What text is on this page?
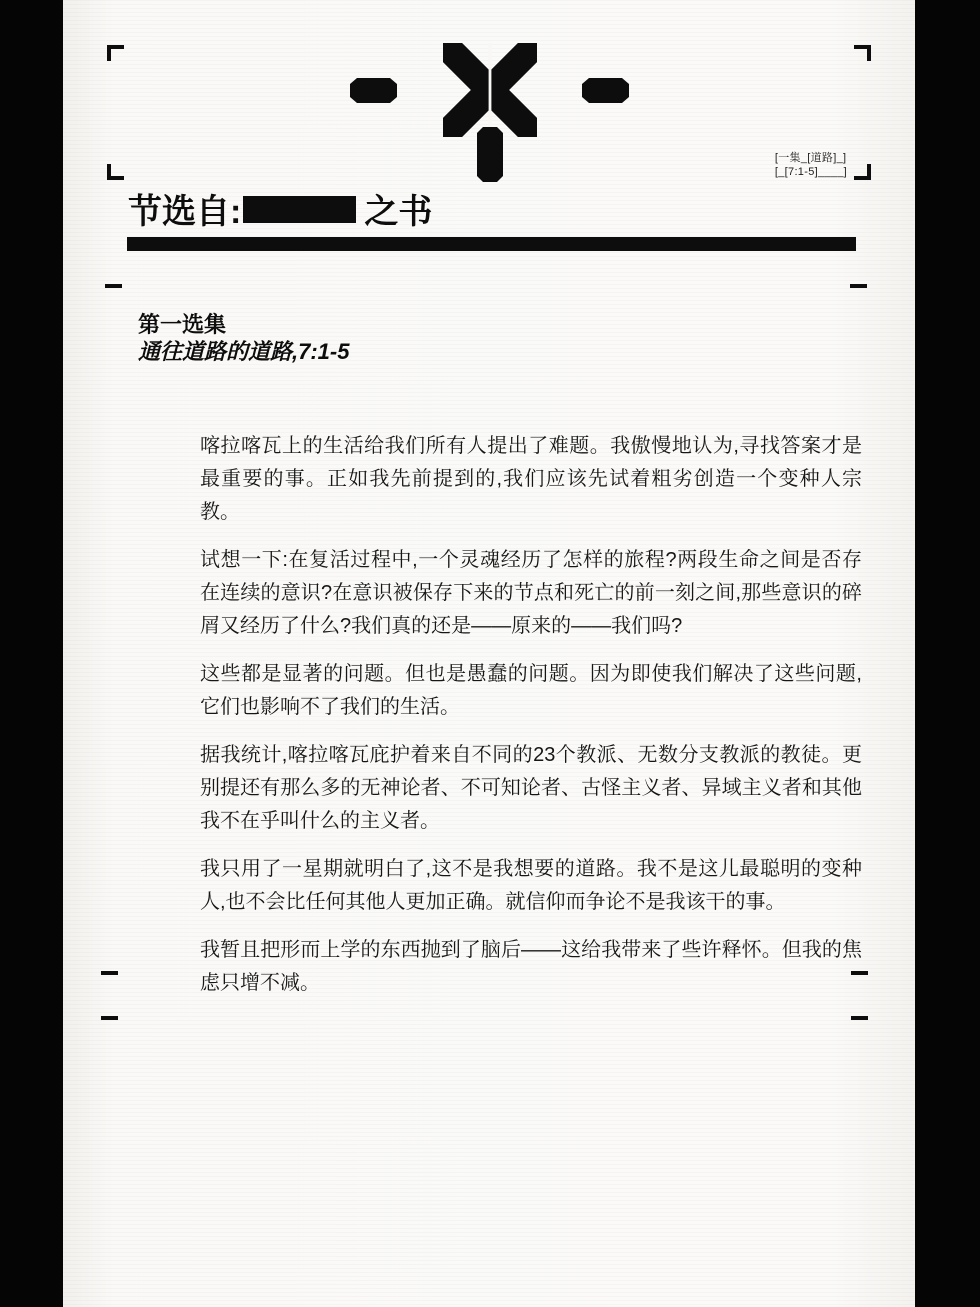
[一集_[道路]_]
[_[7:1-5]____]
节选自:	之书
第一选集
通往道路的道路,7:1-5

喀拉喀瓦上的生活给我们所有人提出了难题。我傲慢地认为,寻找答案才是最重要的事。正如我先前提到的,我们应该先试着粗劣创造一个变种人宗教。

试想一下:在复活过程中,一个灵魂经历了怎样的旅程?两段生命之间是否存在连续的意识?在意识被保存下来的节点和死亡的前一刻之间,那些意识的碎屑又经历了什么?我们真的还是——原来的——我们吗?

这些都是显著的问题。但也是愚蠢的问题。因为即使我们解决了这些问题,它们也影响不了我们的生活。

据我统计,喀拉喀瓦庇护着来自不同的23个教派、无数分支教派的教徒。更别提还有那么多的无神论者、不可知论者、古怪主义者、异域主义者和其他我不在乎叫什么的主义者。

我只用了一星期就明白了,这不是我想要的道路。我不是这儿最聪明的变种人,也不会比任何其他人更加正确。就信仰而争论不是我该干的事。

我暂且把形而上学的东西抛到了脑后——这给我带来了些许释怀。但我的焦虑只增不减。
